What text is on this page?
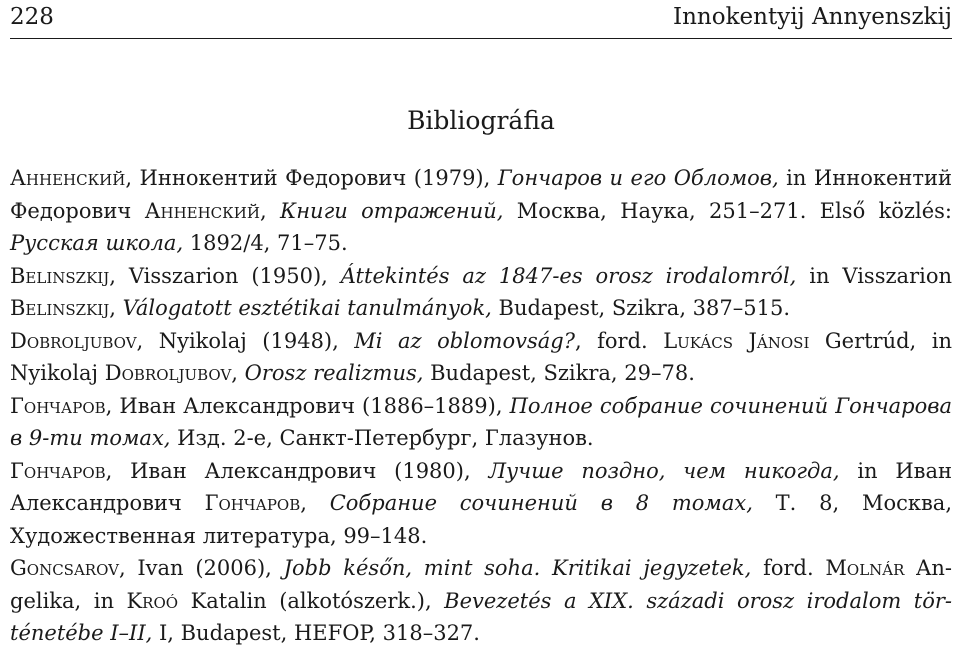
228	Innokentyij Annyenszkij
Bibliográfia
Анненский, Иннокентий Федорович (1979), Гончаров и его Обломов, in Иннокентий Федорович Анненский, Книги отражений, Москва, Наука, 251–271. Első közlés: Русская школа, 1892/4, 71–75.
Belinszkij, Visszarion (1950), Áttekintés az 1847-es orosz irodalomról, in Visszarion Belinszkij, Válogatott esztétikai tanulmányok, Budapest, Szikra, 387–515.
Dobroljubov, Nyikolaj (1948), Mi az oblomovság?, ford. Lukács Jánosi Gertrúd, in Nyikolaj Dobroljubov, Orosz realizmus, Budapest, Szikra, 29–78.
Гончаров, Иван Александрович (1886–1889), Полное собрание сочинений Гончарова в 9-ти томах, Изд. 2-е, Санкт-Петербург, Глазунов.
Гончаров, Иван Александрович (1980), Лучше поздно, чем никогда, in Иван Александрович Гончаров, Собрание сочинений в 8 томах, Т. 8, Москва, Художественная литература, 99–148.
Goncsarov, Ivan (2006), Jobb későn, mint soha. Kritikai jegyzetek, ford. Molnár Angelika, in Kroó Katalin (alkotószerk.), Bevezetés a XIX. századi orosz irodalom történetébe I–II, I, Budapest, HEFOP, 318–327.
